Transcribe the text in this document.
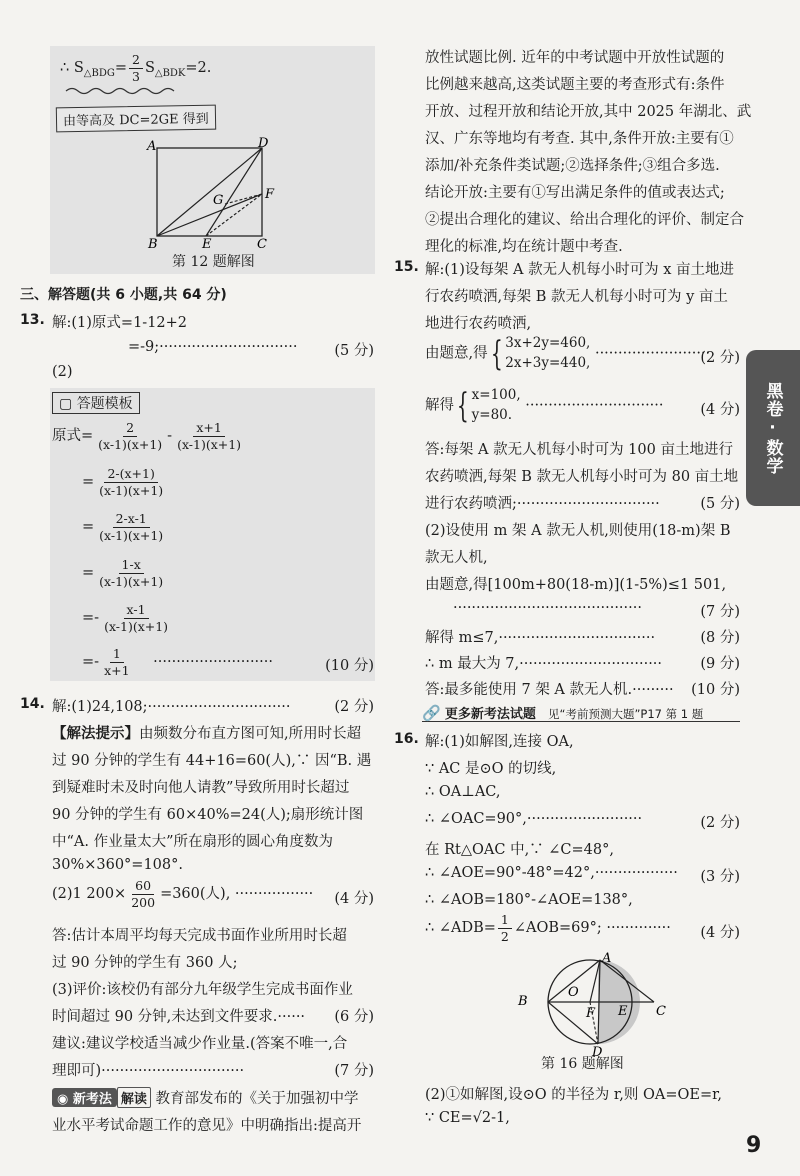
∴ $S_{\triangle BDG}= \frac{2}{3} S_{\triangle BDK}=2$.
由等高及 DC=2GE 得到
A	D
G	F
B	E	C
第 12 题解图
三、解答题(共 6 小题,共 64 分)
13. 解:(1)原式=1-12+2
=-9;······························	(5 分)
(2)
▢ 答题模板
原式= $\frac{2}{(x-1)(x+1)} - \frac{x+1}{(x-1)(x+1)}$
= $\frac{2-(x+1)}{(x-1)(x+1)}$
= $\frac{2-x-1}{(x-1)(x+1)}$
= $\frac{1-x}{(x-1)(x+1)}$
=- $\frac{x-1}{(x-1)(x+1)}$
=- $\frac{1}{x+1}$ ··························	(10 分)
14. 解:(1)24,108;·······························	(2 分)
【解法提示】由频数分布直方图可知,所用时长超
过 90 分钟的学生有 44+16=60(人),∵ 因“B. 遇
到疑难时未及时向他人请教”导致所用时长超过
90 分钟的学生有 60×40%=24(人);扇形统计图
中“A. 作业量太大”所在扇形的圆心角度数为
30%×360°=108°.
(2)1 $200\times \frac{60}{200} =360$(人), ················· (4 分)
答:估计本周平均每天完成书面作业所用时长超
过 90 分钟的学生有 360 人;
(3)评价:该校仍有部分九年级学生完成书面作业
时间超过 90 分钟,未达到文件要求.······ (6 分)
建议:建议学校适当减少作业量.(答案不唯一,合
理即可)·······························	(7 分)
◉ 新考法 解读 教育部发布的《关于加强初中学
业水平考试命题工作的意见》中明确指出:提高开
放性试题比例. 近年的中考试题中开放性试题的
比例越来越高,这类试题主要的考查形式有:条件
开放、过程开放和结论开放,其中 2025 年湖北、武
汉、广东等地均有考查. 其中,条件开放:主要有①
添加/补充条件类试题;②选择条件;③组合多选.
结论开放:主要有①写出满足条件的值或表达式;
②提出合理化的建议、给出合理化的评价、制定合
理化的标准,均在统计题中考查.
15. 解:(1)设每架 A 款无人机每小时可为 x 亩土地进
行农药喷洒,每架 B 款无人机每小时可为 y 亩土
地进行农药喷洒,
由题意,得{ 3x+2y=460,
2x+3y=440,
·························
(2 分)
解得{ x=100,
y=80.
······························	(4 分)
答:每架 A 款无人机每小时可为 100 亩土地进行
农药喷洒,每架 B 款无人机每小时可为 80 亩土地
进行农药喷洒;·······························	(5 分)
(2)设使用 m 架 A 款无人机,则使用(18-m)架 B
款无人机,
由题意,得[100m+80(18-m)](1-5%)≤1 501,
·········································	(7 分)
解得 m≤7,··································	(8 分)
∴ m 最大为 7,·······························	(9 分)
答:最多能使用 7 架 A 款无人机.········· (10 分)
🔗 更多新考法试题 见“考前预测大题”P17 第 1 题
16. 解:(1)如解图,连接 OA,
∵ AC 是⊙O 的切线,
∴ OA⊥AC,
∴ ∠OAC=90°,·························	(2 分)
在 Rt△OAC 中,∵ ∠C=48°,
∴ ∠AOE=90°-48°=42°,·················· (3 分)
∴ ∠AOB=180°-∠AOE=138°,
∴ ∠ADB= $\frac{1}{2}$ ∠AOB=69°; ·············· (4 分)
A
B
O
F E C
D
第 16 题解图
(2)①如解图,设⊙O 的半径为 r,则 OA=OE=r,
∵ CE=√2-1,
黑卷·数学
9
